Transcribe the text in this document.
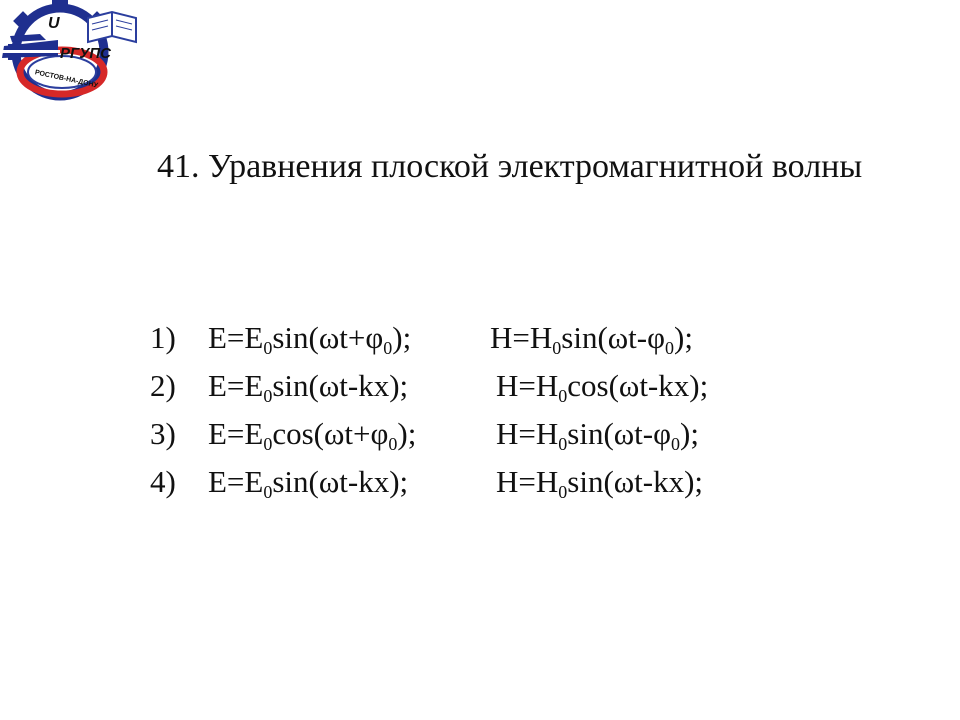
U
РГУПС
РОСТОВ-НА-ДОНУ
41. Уравнения плоской электромагнитной волны
1) $E=E_0\sin(\omega t+\varphi_0)$;	$H=H_0\sin(\omega t-\varphi_0)$;
2) $E=E_0\sin(\omega t-kx)$;	$H=H_0\cos(\omega t-kx)$;
3) $E=E_0\cos(\omega t+\varphi_0)$;	$H=H_0\sin(\omega t-\varphi_0)$;
4) $E=E_0\sin(\omega t-kx)$;	$H=H_0\sin(\omega t-kx)$;
